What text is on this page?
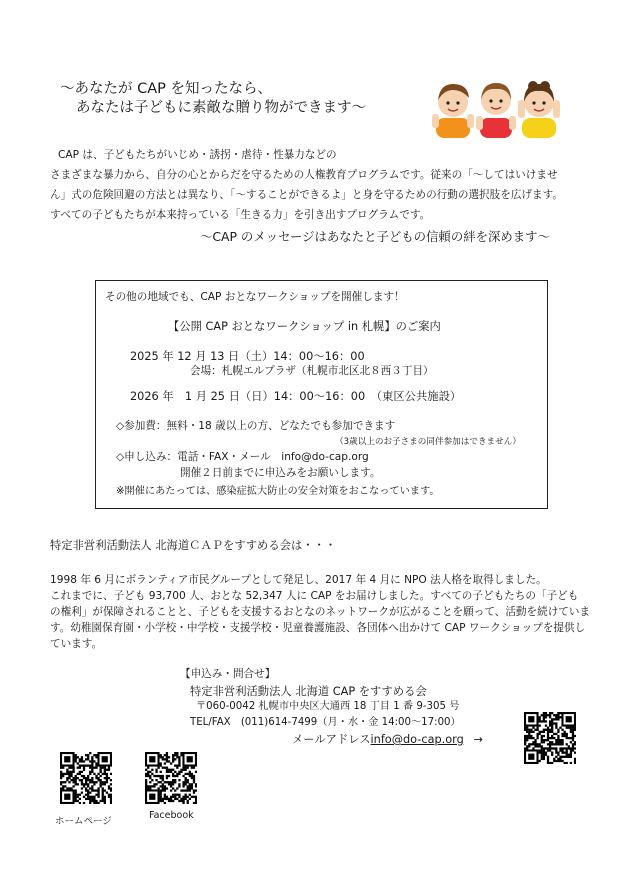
～あなたが CAP を知ったなら、
あなたは子どもに素敵な贈り物ができます～
CAP は、子どもたちがいじめ・誘拐・虐待・性暴力などの
さまざまな暴力から、自分の心とからだを守るための人権教育プログラムです。従来の「～してはいけませ
ん」式の危険回避の方法とは異なり、「～することができるよ」と身を守るための行動の選択肢を広げます。
すべての子どもたちが本来持っている「生きる力」を引き出すプログラムです。
～CAP のメッセージはあなたと子どもの信頼の絆を深めます～
その他の地域でも、CAP おとなワークショップを開催します！
【公開 CAP おとなワークショップ in 札幌】のご案内
2025 年 12 月 13 日（土）14：00～16：00
会場：札幌エルプラザ（札幌市北区北８西３丁目）
2026 年　1 月 25 日（日）14：00～16：00　（東区公共施設）
◇参加費：無料・18 歳以上の方、どなたでも参加できます
（3歳以上のお子さまの同伴参加はできません）
◇申し込み：電話・FAX・メール　info@do-cap.org
開催２日前までに申込みをお願いします。
※開催にあたっては、感染症拡大防止の安全対策をおこなっています。
特定非営利活動法人 北海道ＣＡＰをすすめる会は・・・
1998 年 6 月にボランティア市民グループとして発足し、2017 年 4 月に NPO 法人格を取得しました。
これまでに、子ども 93,700 人、おとな 52,347 人に CAP をお届けしました。すべての子どもたちの「子ども
の権利」が保障されることと、子どもを支援するおとなのネットワークが広がることを願って、活動を続けていま
す。幼稚園保育園・小学校・中学校・支援学校・児童養護施設、各団体へ出かけて CAP ワークショップを提供し
ています。
【申込み・問合せ】
特定非営利活動法人 北海道 CAP をすすめる会
〒060-0042 札幌市中央区大通西 18 丁目 1 番 9-305 号
TEL/FAX　(011)614-7499（月・水・金 14:00～17:00）
メールアドレスinfo@do-cap.org →
ホームページ
Facebook
